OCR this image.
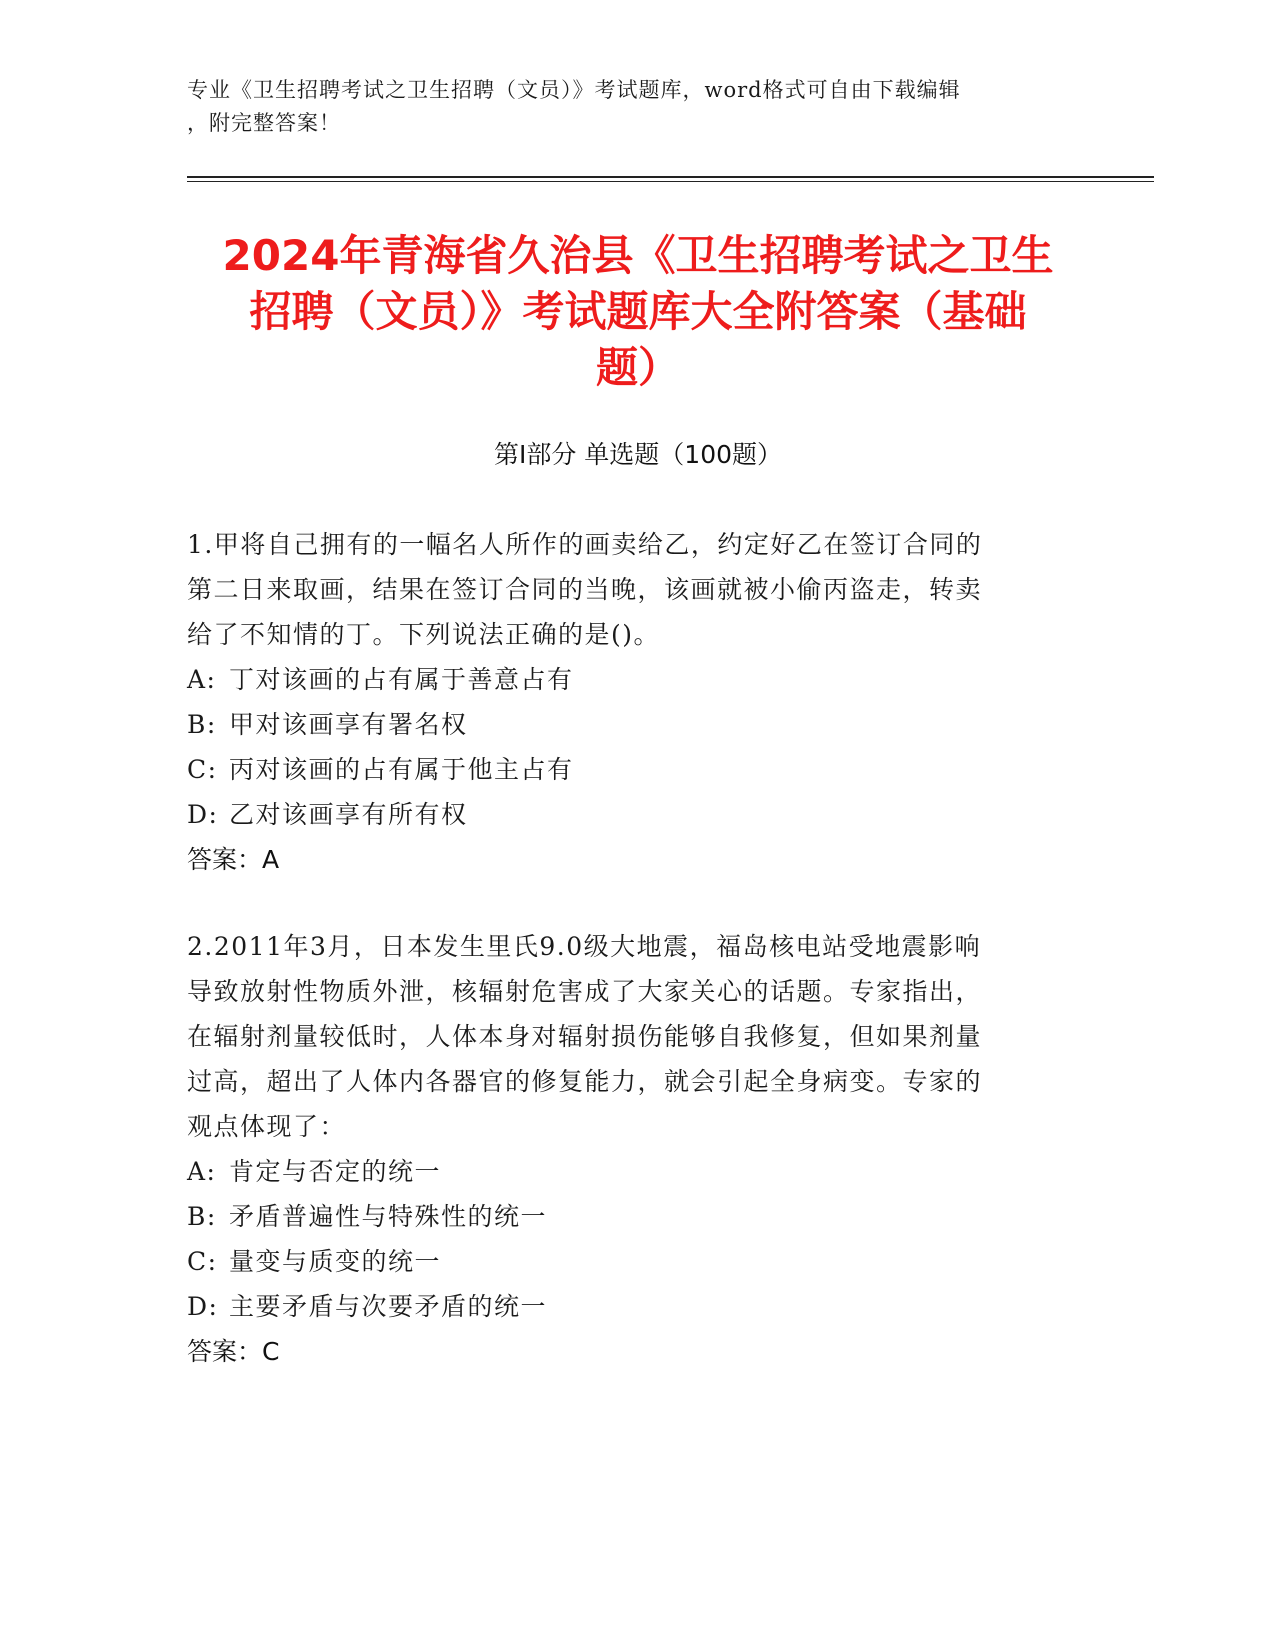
专业《卫生招聘考试之卫生招聘（文员）》考试题库，word格式可自由下载编辑
，附完整答案！
2024年青海省久治县《卫生招聘考试之卫生
招聘（文员）》考试题库大全附答案（基础
题）
第Ⅰ部分 单选题（100题）

1.甲将自己拥有的一幅名人所作的画卖给乙，约定好乙在签订合同的

第二日来取画，结果在签订合同的当晚，该画就被小偷丙盗走，转卖

给了不知情的丁。下列说法正确的是()。

A: 丁对该画的占有属于善意占有

B: 甲对该画享有署名权

C: 丙对该画的占有属于他主占有

D: 乙对该画享有所有权

答案：A

2.2011年3月，日本发生里氏9.0级大地震，福岛核电站受地震影响

导致放射性物质外泄，核辐射危害成了大家关心的话题。专家指出，

在辐射剂量较低时，人体本身对辐射损伤能够自我修复，但如果剂量

过高，超出了人体内各器官的修复能力，就会引起全身病变。专家的

观点体现了：

A: 肯定与否定的统一

B: 矛盾普遍性与特殊性的统一

C: 量变与质变的统一

D: 主要矛盾与次要矛盾的统一

答案：C
